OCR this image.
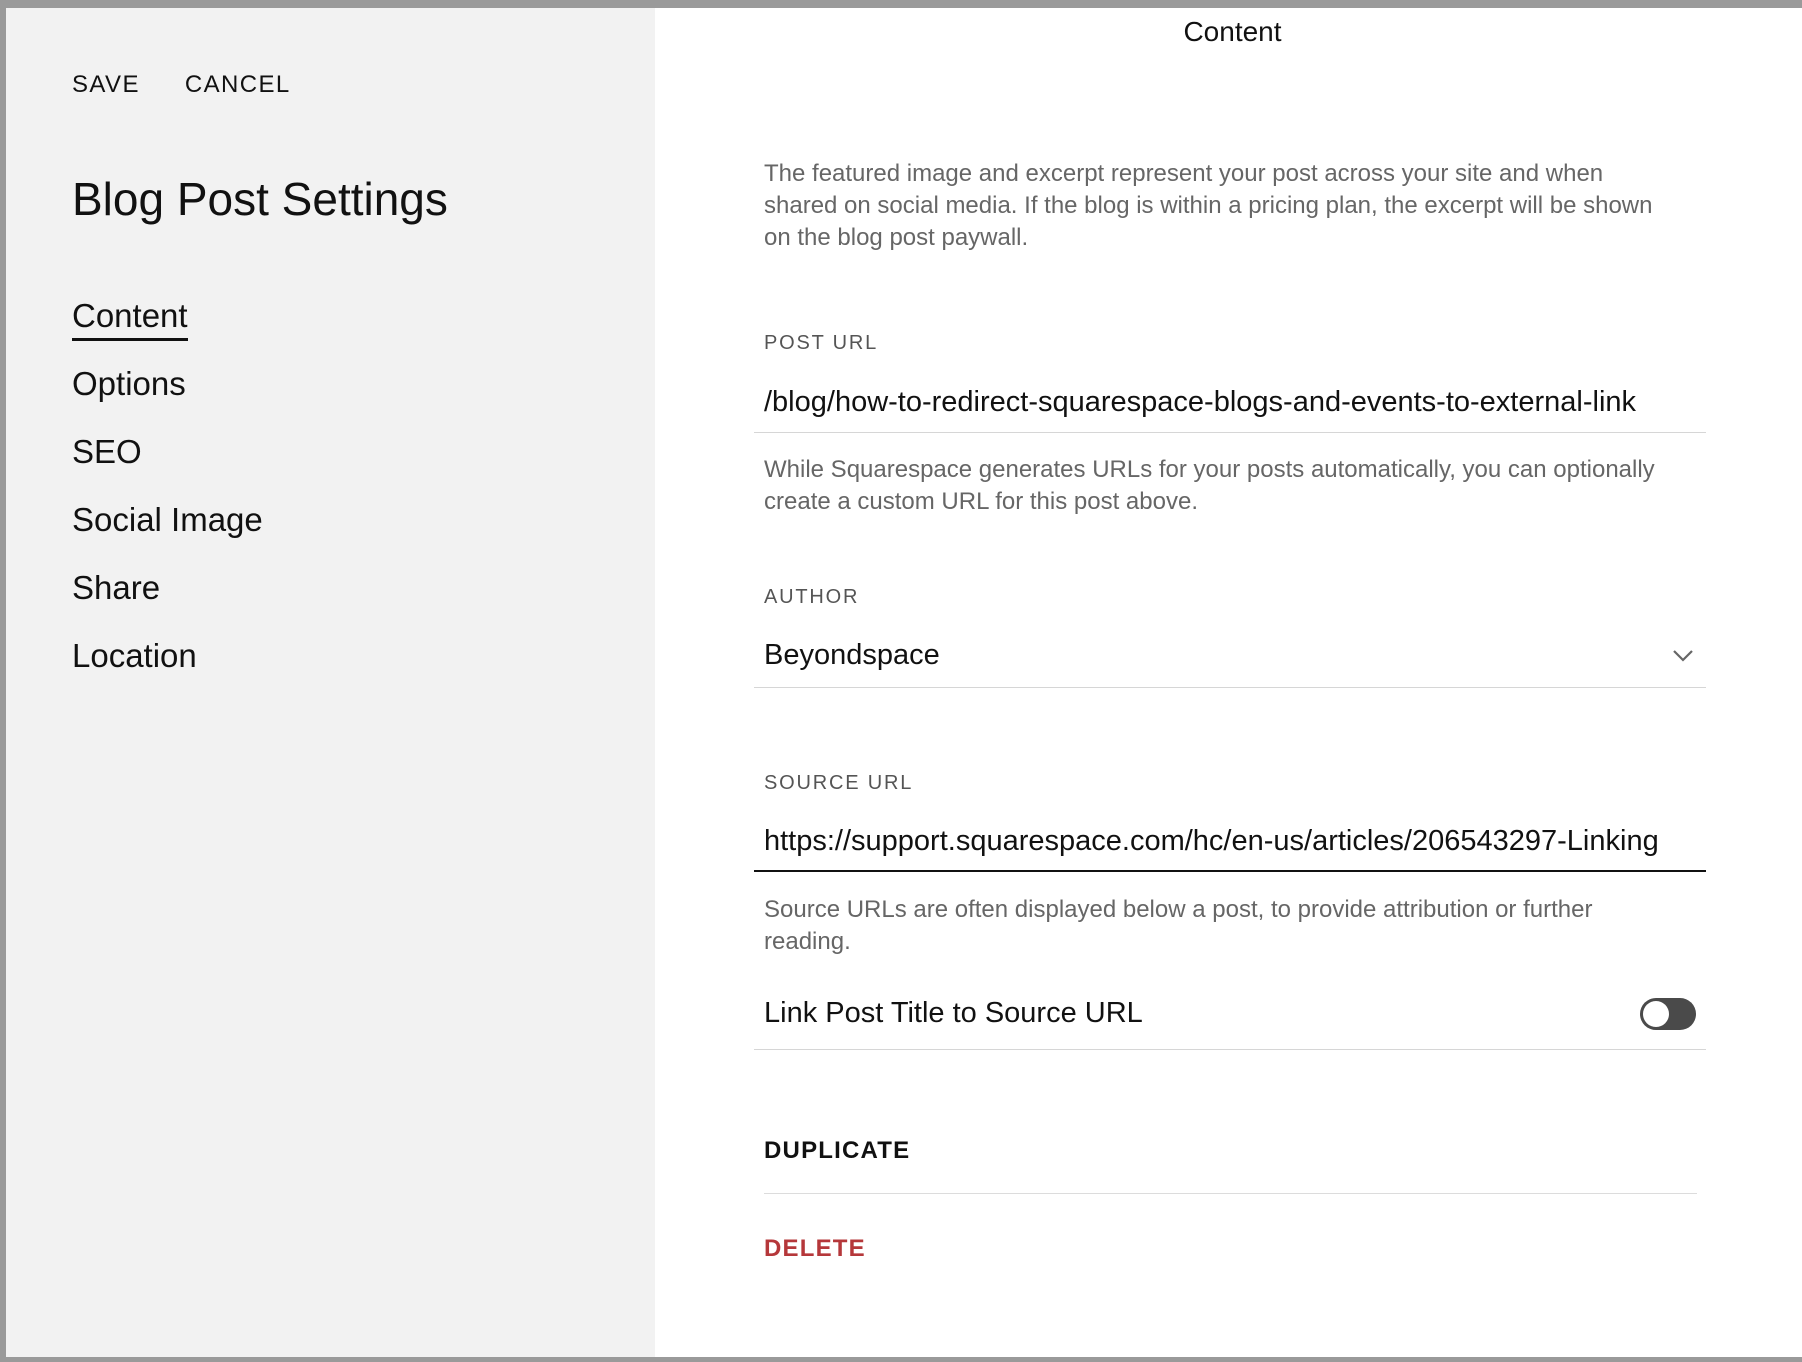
SAVE CANCEL
Blog Post Settings
Content
Options
SEO
Social Image
Share
Location
Content

The featured image and excerpt represent your post across your site and when shared on social media. If the blog is within a pricing plan, the excerpt will be shown on the blog post paywall.

POST URL
/blog/how-to-redirect-squarespace-blogs-and-events-to-external-link

While Squarespace generates URLs for your posts automatically, you can optionally create a custom URL for this post above.

AUTHOR
Beyondspace
SOURCE URL
https://support.squarespace.com/hc/en-us/articles/206543297-Linking

Source URLs are often displayed below a post, to provide attribution or further reading.

Link Post Title to Source URL
DUPLICATE
DELETE
